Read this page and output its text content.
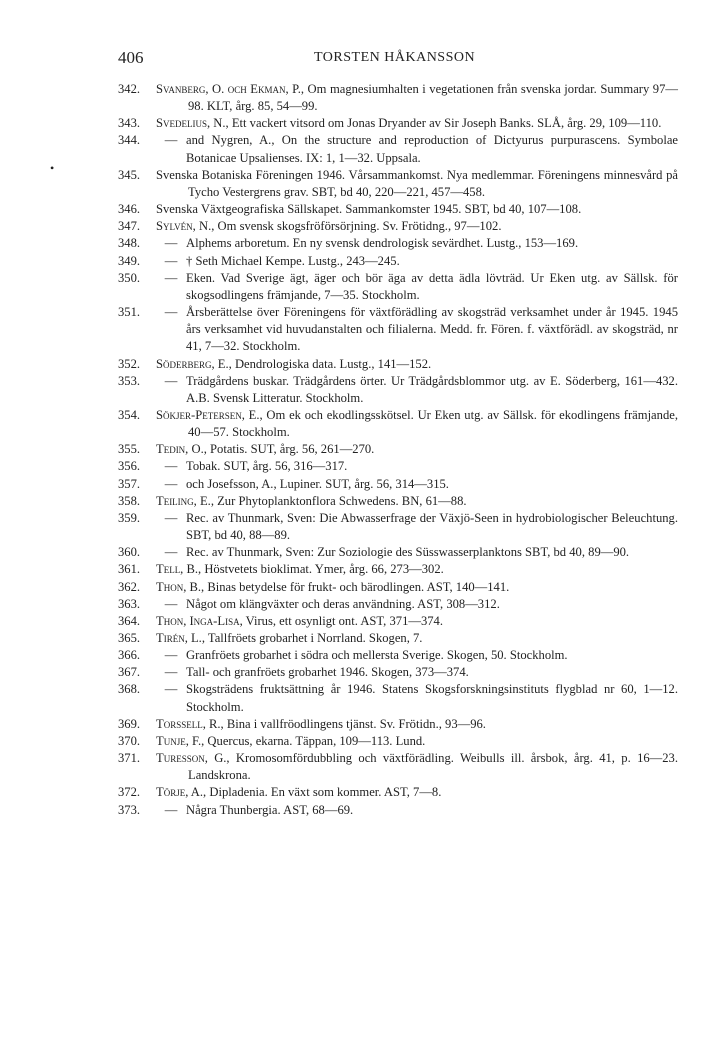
406	TORSTEN HÅKANSSON
•
342.	Svanberg, O. och Ekman, P., Om magnesiumhalten i vegetationen från svenska jordar. Summary 97—98. KLT, årg. 85, 54—99.
343.	Svedelius, N., Ett vackert vitsord om Jonas Dryander av Sir Joseph Banks. SLÅ, årg. 29, 109—110.
344.	— and Nygren, A., On the structure and reproduction of Dictyurus purpurascens. Symbolae Botanicae Upsalienses. IX: 1, 1—32. Uppsala.
345.	Svenska Botaniska Föreningen 1946. Vårsammankomst. Nya medlemmar. Föreningens minnesvård på Tycho Vestergrens grav. SBT, bd 40, 220—221, 457—458.
346.	Svenska Växtgeografiska Sällskapet. Sammankomster 1945. SBT, bd 40, 107—108.
347.	Sylvén, N., Om svensk skogsfröförsörjning. Sv. Frötidng., 97—102.
348.	— Alphems arboretum. En ny svensk dendrologisk sevärdhet. Lustg., 153—169.
349.	— † Seth Michael Kempe. Lustg., 243—245.
350.	— Eken. Vad Sverige ägt, äger och bör äga av detta ädla lövträd. Ur Eken utg. av Sällsk. för skogsodlingens främjande, 7—35. Stockholm.
351.	— Årsberättelse över Föreningens för växtförädling av skogsträd verksamhet under år 1945. 1945 års verksamhet vid huvudanstalten och filialerna. Medd. fr. Fören. f. växtförädl. av skogsträd, nr 41, 7—32. Stockholm.
352.	Söderberg, E., Dendrologiska data. Lustg., 141—152.
353.	— Trädgårdens buskar. Trädgårdens örter. Ur Trädgårdsblommor utg. av E. Söderberg, 161—432. A.B. Svensk Litteratur. Stockholm.
354.	Sökjer-Petersen, E., Om ek och ekodlingsskötsel. Ur Eken utg. av Sällsk. för ekodlingens främjande, 40—57. Stockholm.
355.	Tedin, O., Potatis. SUT, årg. 56, 261—270.
356.	— Tobak. SUT, årg. 56, 316—317.
357.	— och Josefsson, A., Lupiner. SUT, årg. 56, 314—315.
358.	Teiling, E., Zur Phytoplanktonflora Schwedens. BN, 61—88.
359.	— Rec. av Thunmark, Sven: Die Abwasserfrage der Växjö-Seen in hydrobiologischer Beleuchtung. SBT, bd 40, 88—89.
360.	— Rec. av Thunmark, Sven: Zur Soziologie des Süsswasserplanktons SBT, bd 40, 89—90.
361.	Tell, B., Höstvetets bioklimat. Ymer, årg. 66, 273—302.
362.	Thon, B., Binas betydelse för frukt- och bärodlingen. AST, 140—141.
363.	— Något om klängväxter och deras användning. AST, 308—312.
364.	Thon, Inga-Lisa, Virus, ett osynligt ont. AST, 371—374.
365.	Tirén, L., Tallfröets grobarhet i Norrland. Skogen, 7.
366.	— Granfröets grobarhet i södra och mellersta Sverige. Skogen, 50. Stockholm.
367.	— Tall- och granfröets grobarhet 1946. Skogen, 373—374.
368.	— Skogsträdens fruktsättning år 1946. Statens Skogsforskningsinstituts flygblad nr 60, 1—12. Stockholm.
369.	Torssell, R., Bina i vallfröodlingens tjänst. Sv. Frötidn., 93—96.
370.	Tunje, F., Quercus, ekarna. Täppan, 109—113. Lund.
371.	Turesson, G., Kromosomfördubbling och växtförädling. Weibulls ill. årsbok, årg. 41, p. 16—23. Landskrona.
372.	Törje, A., Dipladenia. En växt som kommer. AST, 7—8.
373.	— Några Thunbergia. AST, 68—69.
